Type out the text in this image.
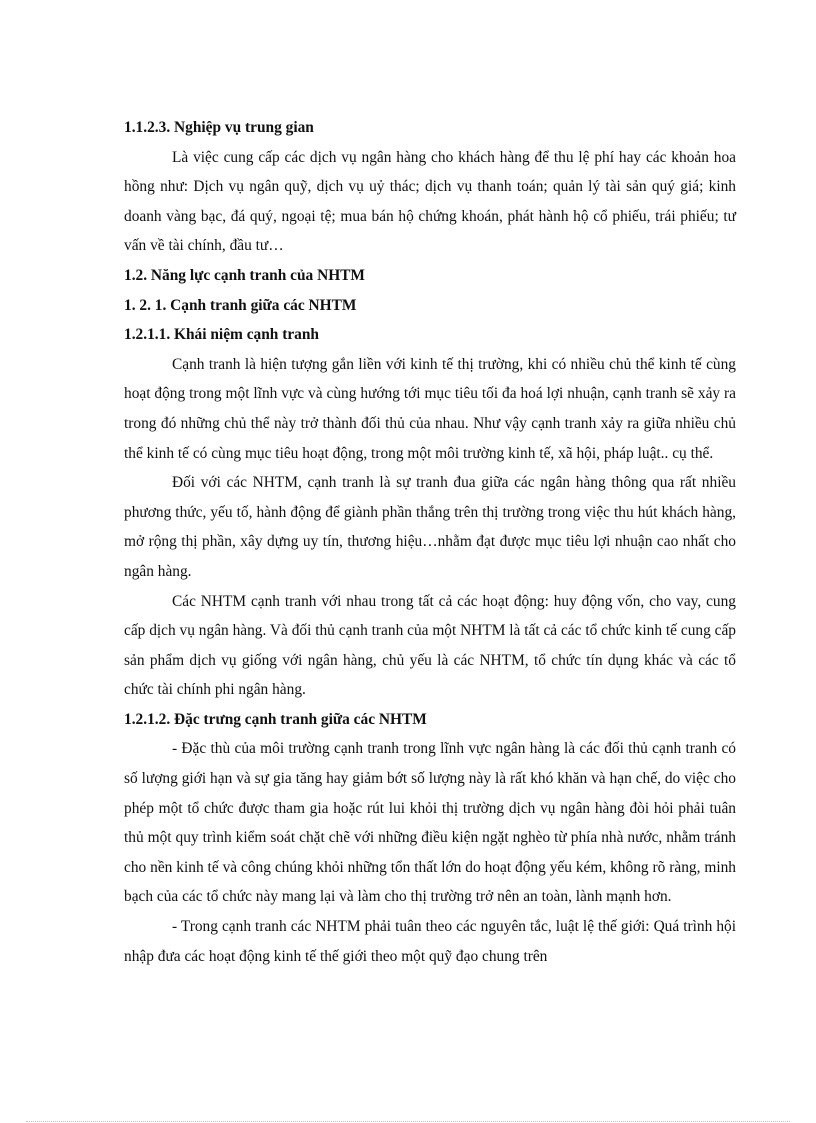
1.1.2.3. Nghiệp vụ trung gian

Là việc cung cấp các dịch vụ ngân hàng cho khách hàng để thu lệ phí hay các khoản hoa hồng như: Dịch vụ ngân quỹ, dịch vụ uỷ thác; dịch vụ thanh toán; quản lý tài sản quý giá; kinh doanh vàng bạc, đá quý, ngoại tệ; mua bán hộ chứng khoán, phát hành hộ cổ phiếu, trái phiếu; tư vấn về tài chính, đầu tư…

1.2. Năng lực cạnh tranh của NHTM

1. 2. 1. Cạnh tranh giữa các NHTM

1.2.1.1. Khái niệm cạnh tranh

Cạnh tranh là hiện tượng gắn liền với kinh tế thị trường, khi có nhiều chủ thể kinh tế cùng hoạt động trong một lĩnh vực và cùng hướng tới mục tiêu tối đa hoá lợi nhuận, cạnh tranh sẽ xảy ra trong đó những chủ thể này trở thành đối thủ của nhau. Như vậy cạnh tranh xảy ra giữa nhiều chủ thể kinh tế có cùng mục tiêu hoạt động, trong một môi trường kinh tế, xã hội, pháp luật.. cụ thể.

Đối với các NHTM, cạnh tranh là sự tranh đua giữa các ngân hàng thông qua rất nhiều phương thức, yếu tố, hành động để giành phần thắng trên thị trường trong việc thu hút khách hàng, mở rộng thị phần, xây dựng uy tín, thương hiệu…nhằm đạt được mục tiêu lợi nhuận cao nhất cho ngân hàng.

Các NHTM cạnh tranh với nhau trong tất cả các hoạt động: huy động vốn, cho vay, cung cấp dịch vụ ngân hàng. Và đối thủ cạnh tranh của một NHTM là tất cả các tổ chức kinh tế cung cấp sản phẩm dịch vụ giống với ngân hàng, chủ yếu là các NHTM, tổ chức tín dụng khác và các tổ chức tài chính phi ngân hàng.

1.2.1.2. Đặc trưng cạnh tranh giữa các NHTM

- Đặc thù của môi trường cạnh tranh trong lĩnh vực ngân hàng là các đối thủ cạnh tranh có số lượng giới hạn và sự gia tăng hay giảm bớt số lượng này là rất khó khăn và hạn chế, do việc cho phép một tổ chức được tham gia hoặc rút lui khỏi thị trường dịch vụ ngân hàng đòi hỏi phải tuân thủ một quy trình kiểm soát chặt chẽ với những điều kiện ngặt nghèo từ phía nhà nước, nhằm tránh cho nền kinh tế và công chúng khỏi những tổn thất lớn do hoạt động yếu kém, không rõ ràng, minh bạch của các tổ chức này mang lại và làm cho thị trường trở nên an toàn, lành mạnh hơn.

- Trong cạnh tranh các NHTM phải tuân theo các nguyên tắc, luật lệ thế giới: Quá trình hội nhập đưa các hoạt động kinh tế thế giới theo một quỹ đạo chung trên
